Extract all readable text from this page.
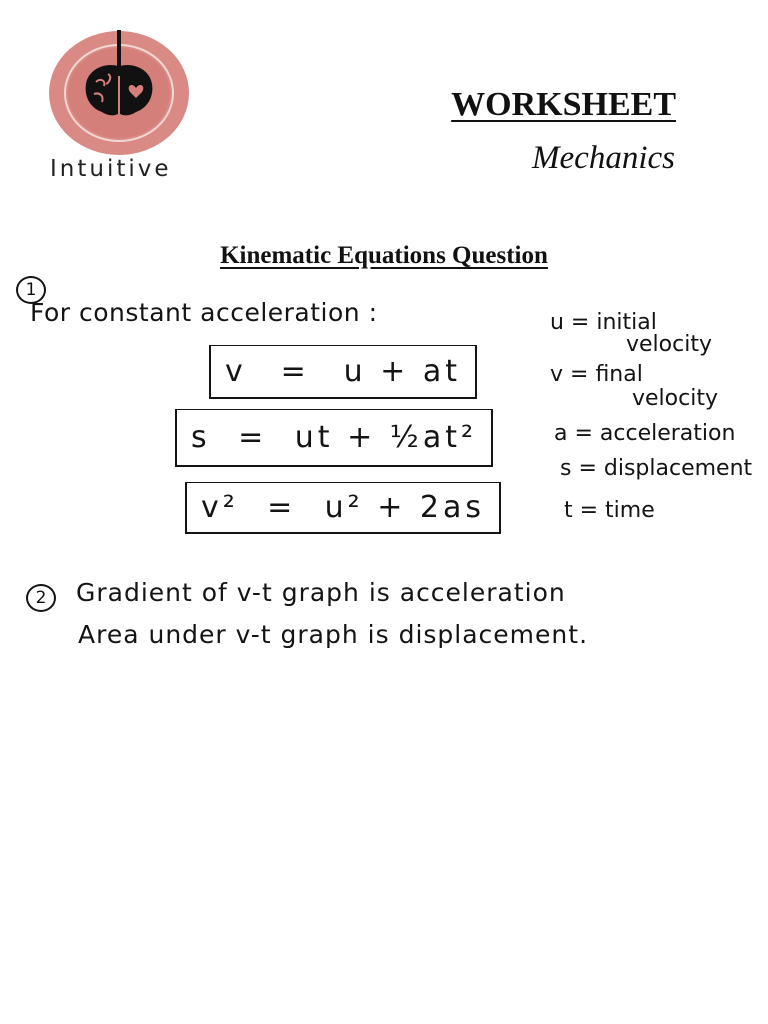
Intuitive
WORKSHEET
Mechanics
Kinematic Equations Question
1
For constant acceleration :
v = u + at
s = ut + ½at²
v² = u² + 2as
u = initial
velocity
v = final
velocity
a = acceleration
s = displacement
t = time
2	Gradient of v-t graph is acceleration
Area under v-t graph is displacement.
